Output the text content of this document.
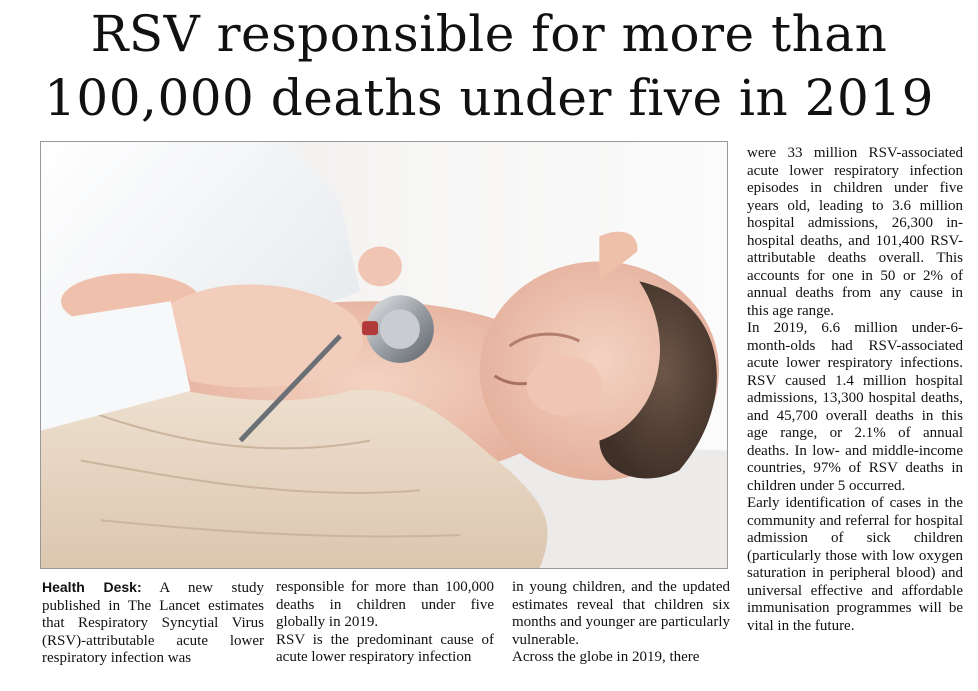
RSV responsible for more than
100,000 deaths under five in 2019

Health Desk: A new study published in The Lancet estimates that Respiratory Syncytial Virus (RSV)-attributable acute lower respiratory infection was

responsible for more than 100,000 deaths in children under five globally in 2019.

RSV is the predominant cause of acute lower respiratory infection

in young children, and the updated estimates reveal that children six months and younger are particularly vulnerable.

Across the globe in 2019, there

were 33 million RSV-associated acute lower respiratory infection episodes in children under five years old, leading to 3.6 million hospital admissions, 26,300 in-hospital deaths, and 101,400 RSV-attributable deaths overall. This accounts for one in 50 or 2% of annual deaths from any cause in this age range.

In 2019, 6.6 million under-6-month-olds had RSV-associated acute lower respiratory infections. RSV caused 1.4 million hospital admissions, 13,300 hospital deaths, and 45,700 overall deaths in this age range, or 2.1% of annual deaths. In low- and middle-income countries, 97% of RSV deaths in children under 5 occurred.

Early identification of cases in the community and referral for hospital admission of sick children (particularly those with low oxygen saturation in peripheral blood) and universal effective and affordable immunisation programmes will be vital in the future.
